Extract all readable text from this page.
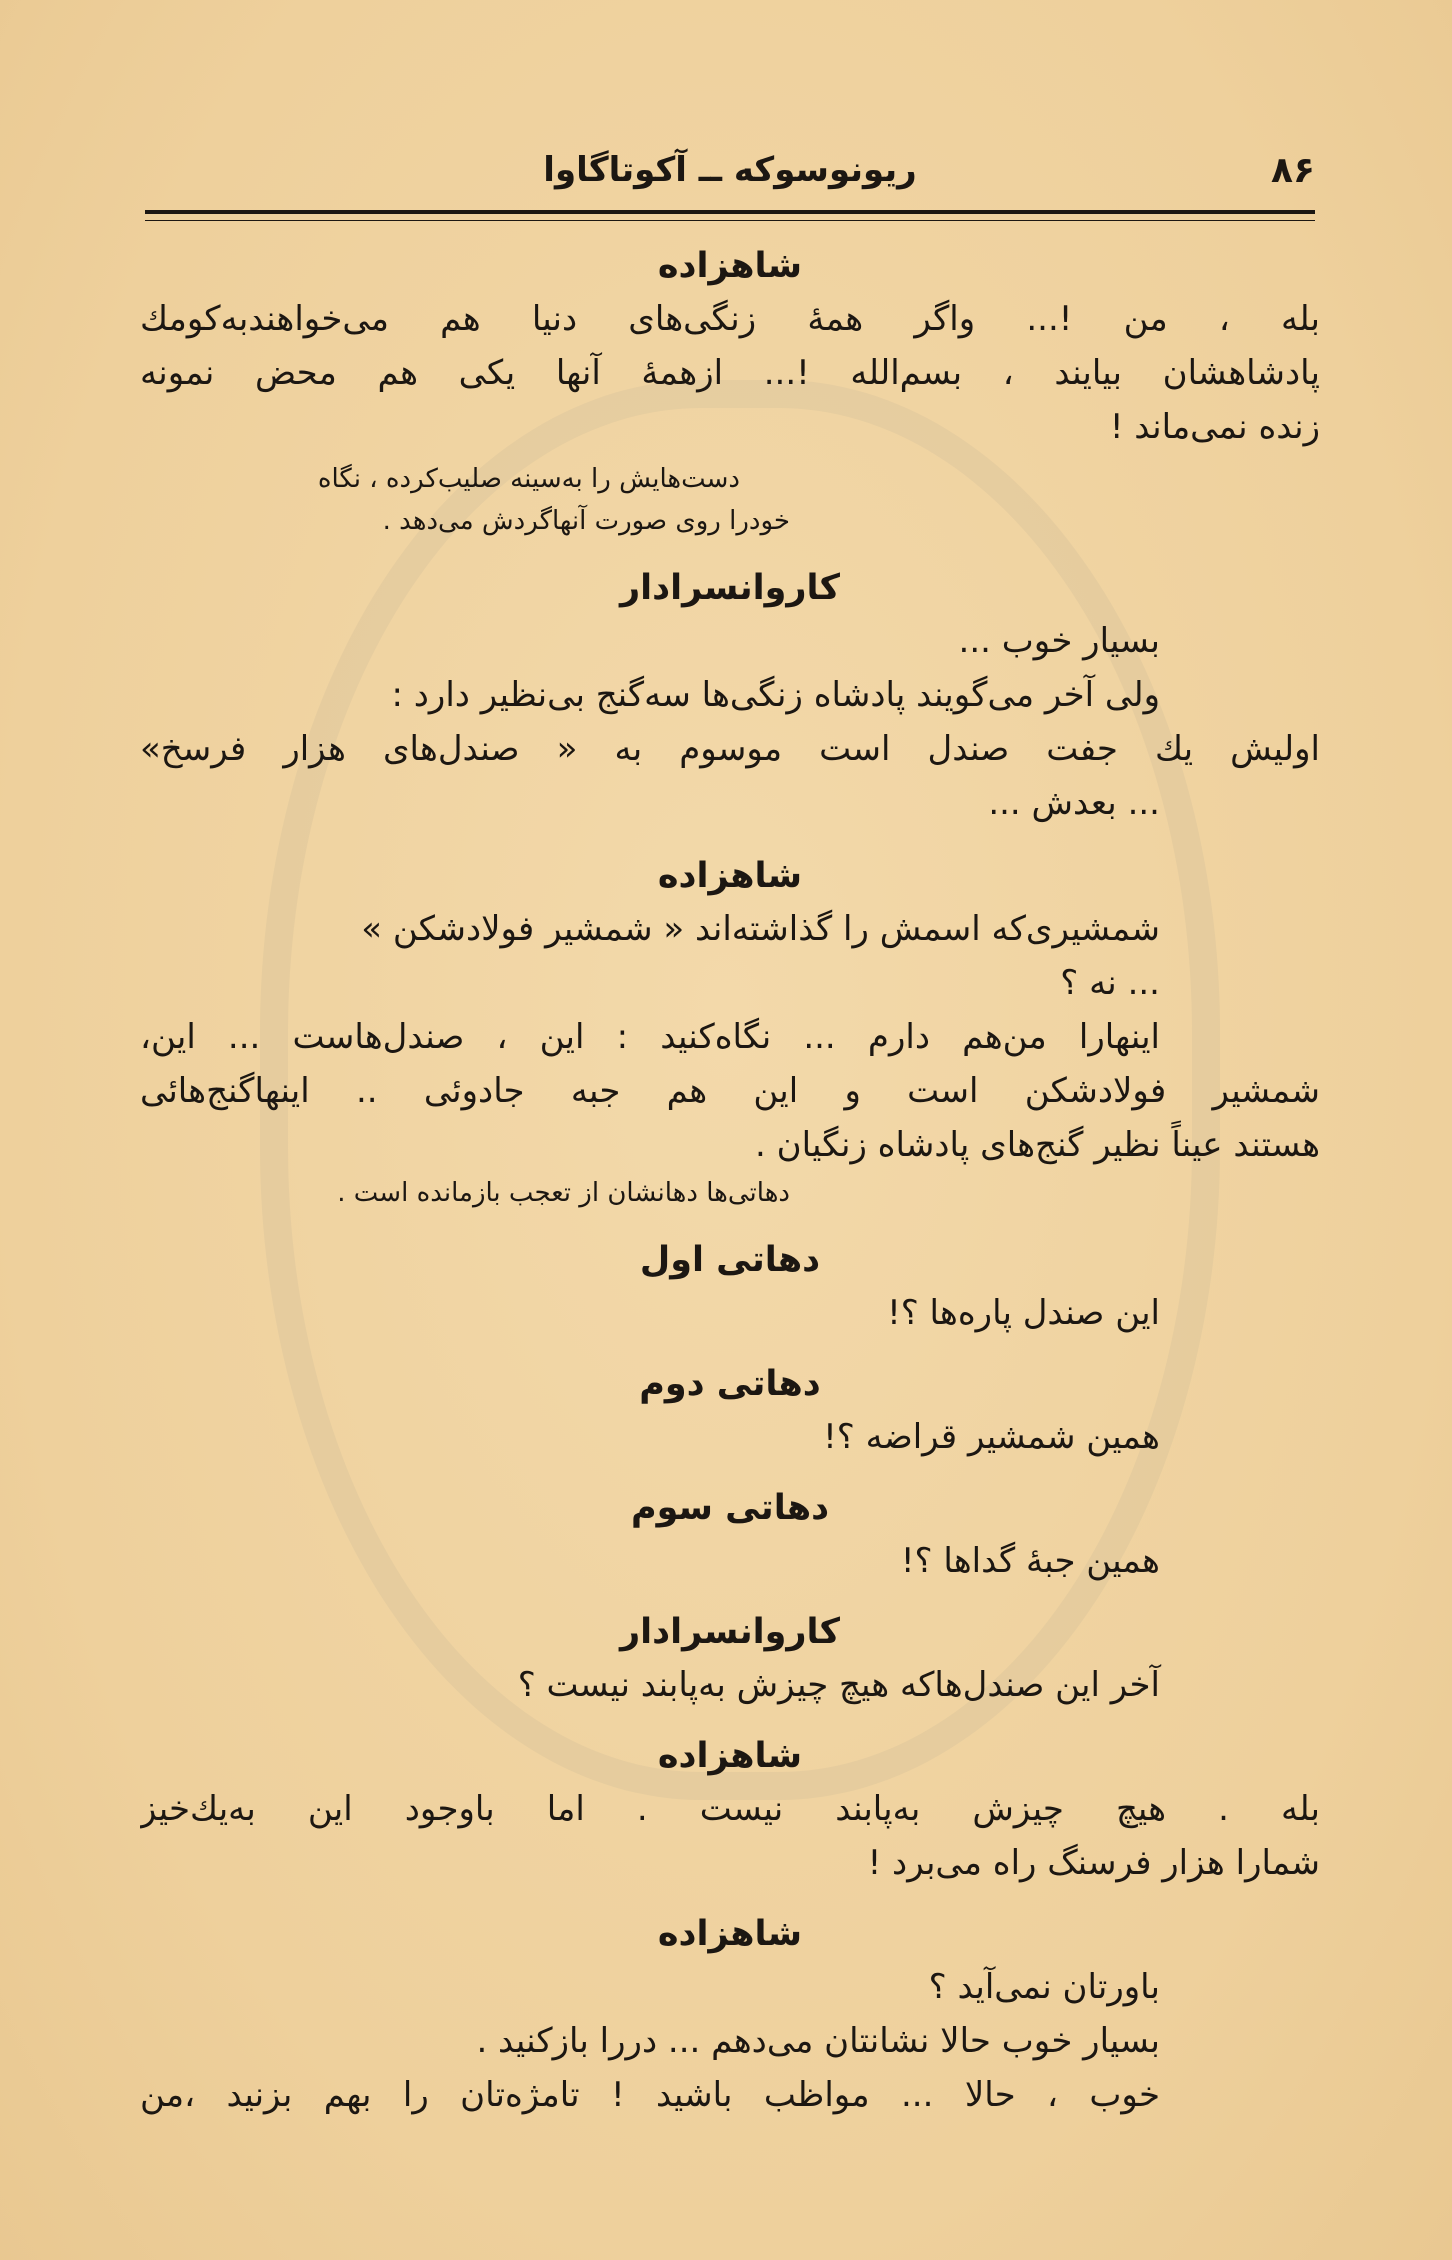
۸۶
ریونوسوکه ــ آکوتاگاوا
شاهزاده
بله ، من !... واگر همهٔ زنگی‌های دنیا هم می‌خواهندبه‌کومك
پادشاهشان بیایند ، بسم‌الله !... ازهمهٔ آنها یکی هم محض نمونه
زنده نمی‌ماند !
دست‌هایش را به‌سینه صلیب‌کرده ، نگاه
خودرا روی صورت آنهاگردش می‌دهد .
کاروانسرادار
بسیار خوب ...
ولی آخر می‌گویند پادشاه زنگی‌ها سه‌گنج بی‌نظیر دارد :
اولیش یك جفت صندل است موسوم به « صندل‌های هزار فرسخ»
... بعدش ...
شاهزاده
شمشیری‌که اسمش را گذاشته‌اند « شمشیر فولادشکن »
... نه ؟
اینهارا من‌هم دارم ... نگاه‌کنید : این ، صندل‌هاست ... این،
شمشیر فولادشکن است و این هم جبه جادوئی .. اینهاگنج‌هائی
هستند عیناً نظیر گنج‌های پادشاه زنگیان .
دهاتی‌ها دهانشان از تعجب بازمانده است .
دهاتی اول
این صندل پاره‌ها ؟!
دهاتی دوم
همین شمشیر قراضه ؟!
دهاتی سوم
همین جبهٔ گداها ؟!
کاروانسرادار
آخر این صندل‌هاکه هیچ چیزش به‌پابند نیست ؟
شاهزاده
بله . هیچ چیزش به‌پابند نیست . اما باوجود این به‌یك‌خیز
شمارا هزار فرسنگ راه می‌برد !
شاهزاده
باورتان نمی‌آید ؟
بسیار خوب حالا نشانتان می‌دهم ... دررا بازکنید .
خوب ، حالا ... مواظب باشید ! تامژه‌تان را بهم بزنید ،من
